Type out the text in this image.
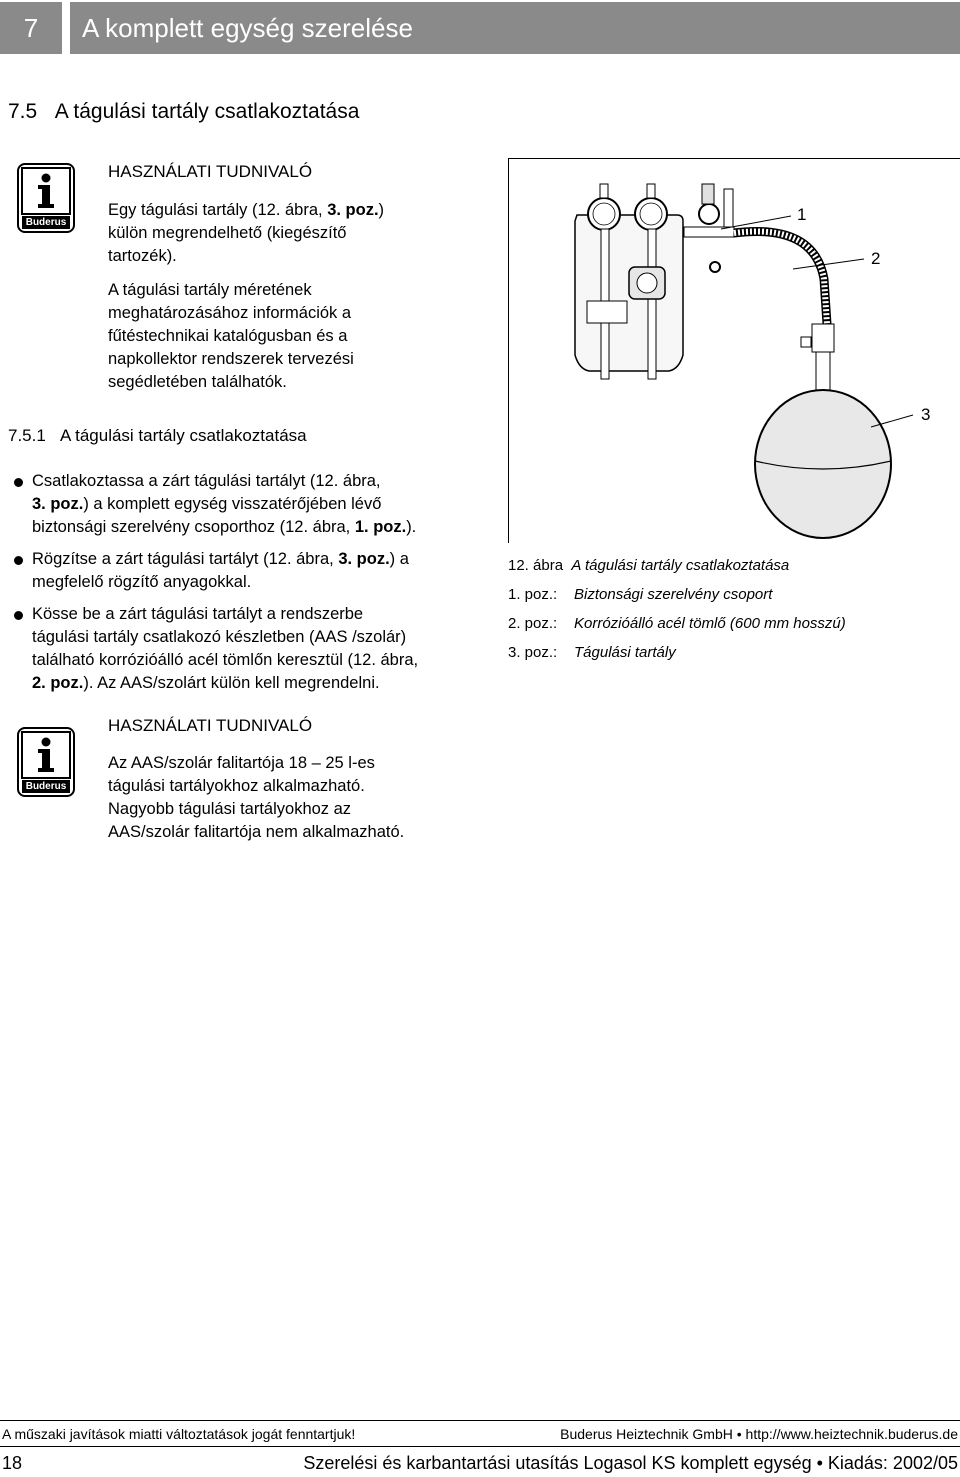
7	A komplett egység szerelése
7.5 A tágulási tartály csatlakoztatása
Buderus
HASZNÁLATI TUDNIVALÓ
Egy tágulási tartály (12. ábra, 3. poz.)
külön megrendelhető (kiegészítő
tartozék).
A tágulási tartály méretének
meghatározásához információk a
fűtéstechnikai katalógusban és a
napkollektor rendszerek tervezési
segédletében találhatók.
7.5.1 A tágulási tartály csatlakoztatása
Csatlakoztassa a zárt tágulási tartályt (12. ábra,
3. poz.) a komplett egység visszatérőjében lévő
biztonsági szerelvény csoporthoz (12. ábra, 1. poz.).
Rögzítse a zárt tágulási tartályt (12. ábra, 3. poz.) a
megfelelő rögzítő anyagokkal.
Kösse be a zárt tágulási tartályt a rendszerbe
tágulási tartály csatlakozó készletben (AAS /szolár)
található korrózióálló acél tömlőn keresztül (12. ábra,
2. poz.). Az AAS/szolárt külön kell megrendelni.
Buderus
HASZNÁLATI TUDNIVALÓ
Az AAS/szolár falitartója 18 – 25 l-es
tágulási tartályokhoz alkalmazható.
Nagyobb tágulási tartályokhoz az
AAS/szolár falitartója nem alkalmazható.
1
2
3
12. ábra A tágulási tartály csatlakoztatása
1. poz.: Biztonsági szerelvény csoport
2. poz.: Korrózióálló acél tömlő (600 mm hosszú)
3. poz.: Tágulási tartály
A műszaki javítások miatti változtatások jogát fenntartjuk!	Buderus Heiztechnik GmbH • http://www.heiztechnik.buderus.de
18	Szerelési és karbantartási utasítás Logasol KS komplett egység • Kiadás: 2002/05
